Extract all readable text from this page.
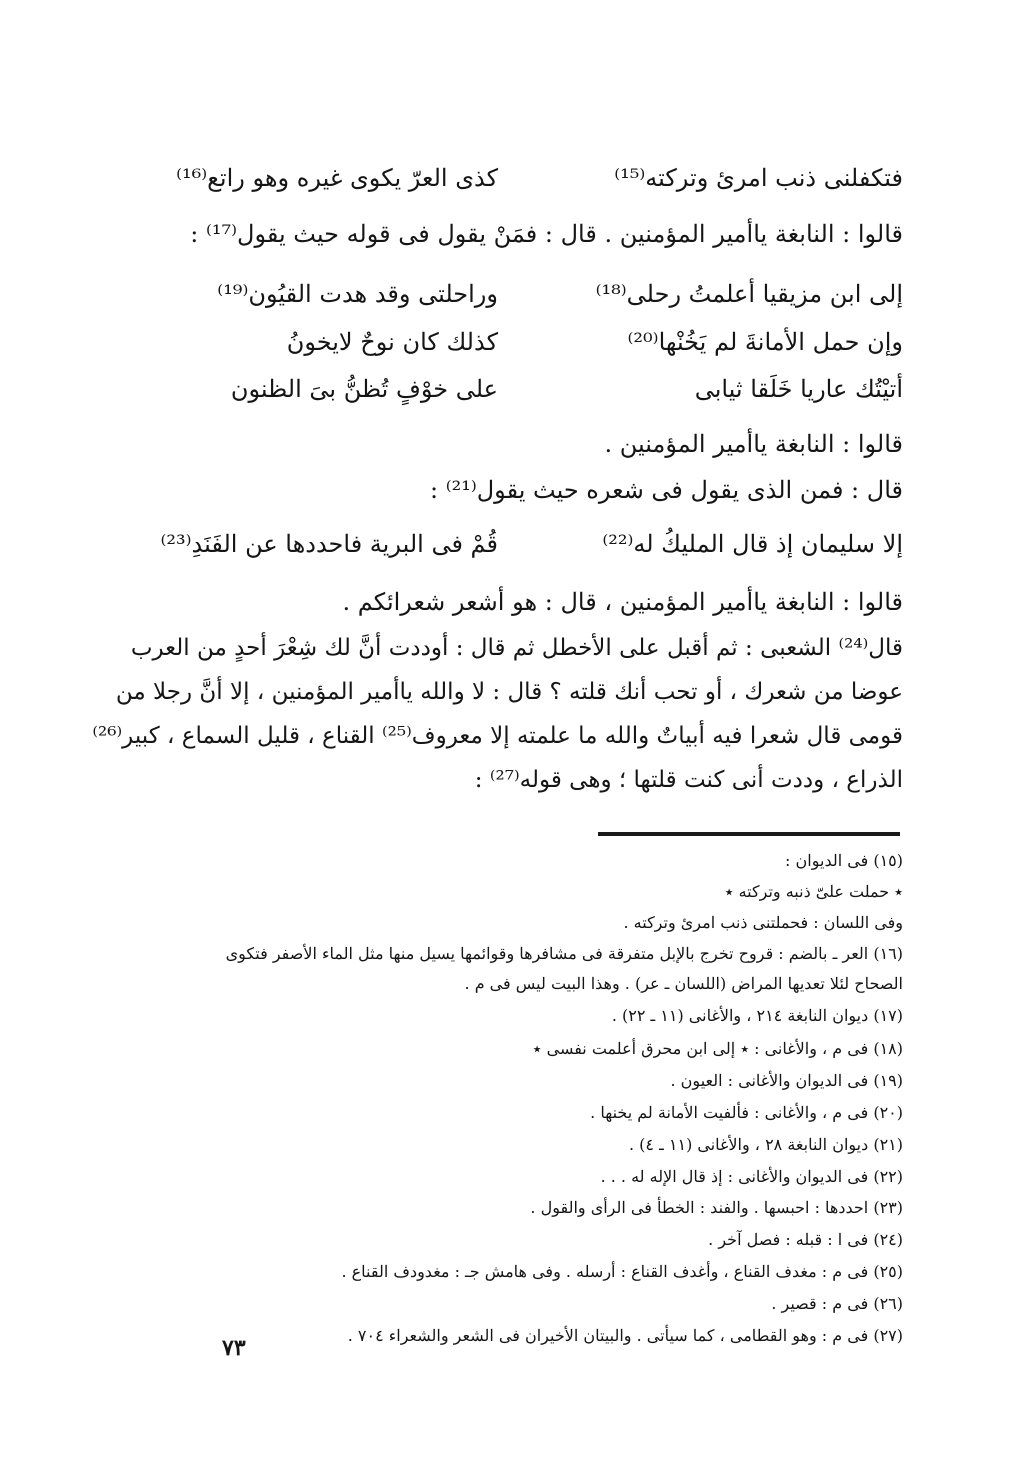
فتكفلنى ذنب امرئ وتركته⁽¹⁵⁾
كذى العرّ يكوى غيره وهو راتع⁽¹⁶⁾
قالوا : النابغة ياأمير المؤمنين . قال : فمَنْ يقول فى قوله حيث يقول⁽¹⁷⁾ :
إلى ابن مزيقيا أعلمتُ رحلى⁽¹⁸⁾
وراحلتى وقد هدت القيُون⁽¹⁹⁾
وإن حمل الأمانةَ لم يَخُنْها⁽²⁰⁾
كذلك كان نوحٌ لايخونُ
أتيْتُك عاريا خَلَقا ثيابى
على خوْفٍ تُظنُّ بىَ الظنون
قالوا : النابغة ياأمير المؤمنين .
قال : فمن الذى يقول فى شعره حيث يقول⁽²¹⁾ :
إلا سليمان إذ قال المليكُ له⁽²²⁾
قُمْ فى البرية فاحددها عن الفَنَدِ⁽²³⁾
قالوا : النابغة ياأمير المؤمنين ، قال : هو أشعر شعرائكم .
قال⁽²⁴⁾ الشعبى : ثم أقبل على الأخطل ثم قال : أوددت أنَّ لك شِعْرَ أحدٍ من العرب
عوضا من شعرك ، أو تحب أنك قلته ؟ قال : لا والله ياأمير المؤمنين ، إلا أنَّ رجلا من
قومى قال شعرا فيه أبياتٌ والله ما علمته إلا معروف⁽²⁵⁾ القناع ، قليل السماع ، كبير⁽²⁶⁾
الذراع ، وددت أنى كنت قلتها ؛ وهى قوله⁽²⁷⁾ :
(١٥) فى الديوان :
٭ حملت علىّ ذنبه وتركته ٭
وفى اللسان : فحملتنى ذنب امرئ وتركته .
(١٦) العر ـ بالضم : قروح تخرج بالإبل متفرقة فى مشافرها وقوائمها يسيل منها مثل الماء الأصفر فتكوى
الصحاح لئلا تعديها المراض (اللسان ـ عر) . وهذا البيت ليس فى م .
(١٧) ديوان النابغة ٢١٤ ، والأغانى (١١ ـ ٢٢) .
(١٨) فى م ، والأغانى : ٭ إلى ابن محرق أعلمت نفسى ٭
(١٩) فى الديوان والأغانى : العيون .
(٢٠) فى م ، والأغانى : فألفيت الأمانة لم يخنها .
(٢١) ديوان النابغة ٢٨ ، والأغانى (١١ ـ ٤) .
(٢٢) فى الديوان والأغانى : إذ قال الإله له . . .
(٢٣) احددها : احبسها . والفند : الخطأ فى الرأى والقول .
(٢٤) فى ا : قبله : فصل آخر .
(٢٥) فى م : مغدف القناع ، وأغدف القناع : أرسله . وفى هامش جـ : مغدودف القناع .
(٢٦) فى م : قصير .
(٢٧) فى م : وهو القطامى ، كما سيأتى . والبيتان الأخيران فى الشعر والشعراء ٧٠٤ .
٧٣
